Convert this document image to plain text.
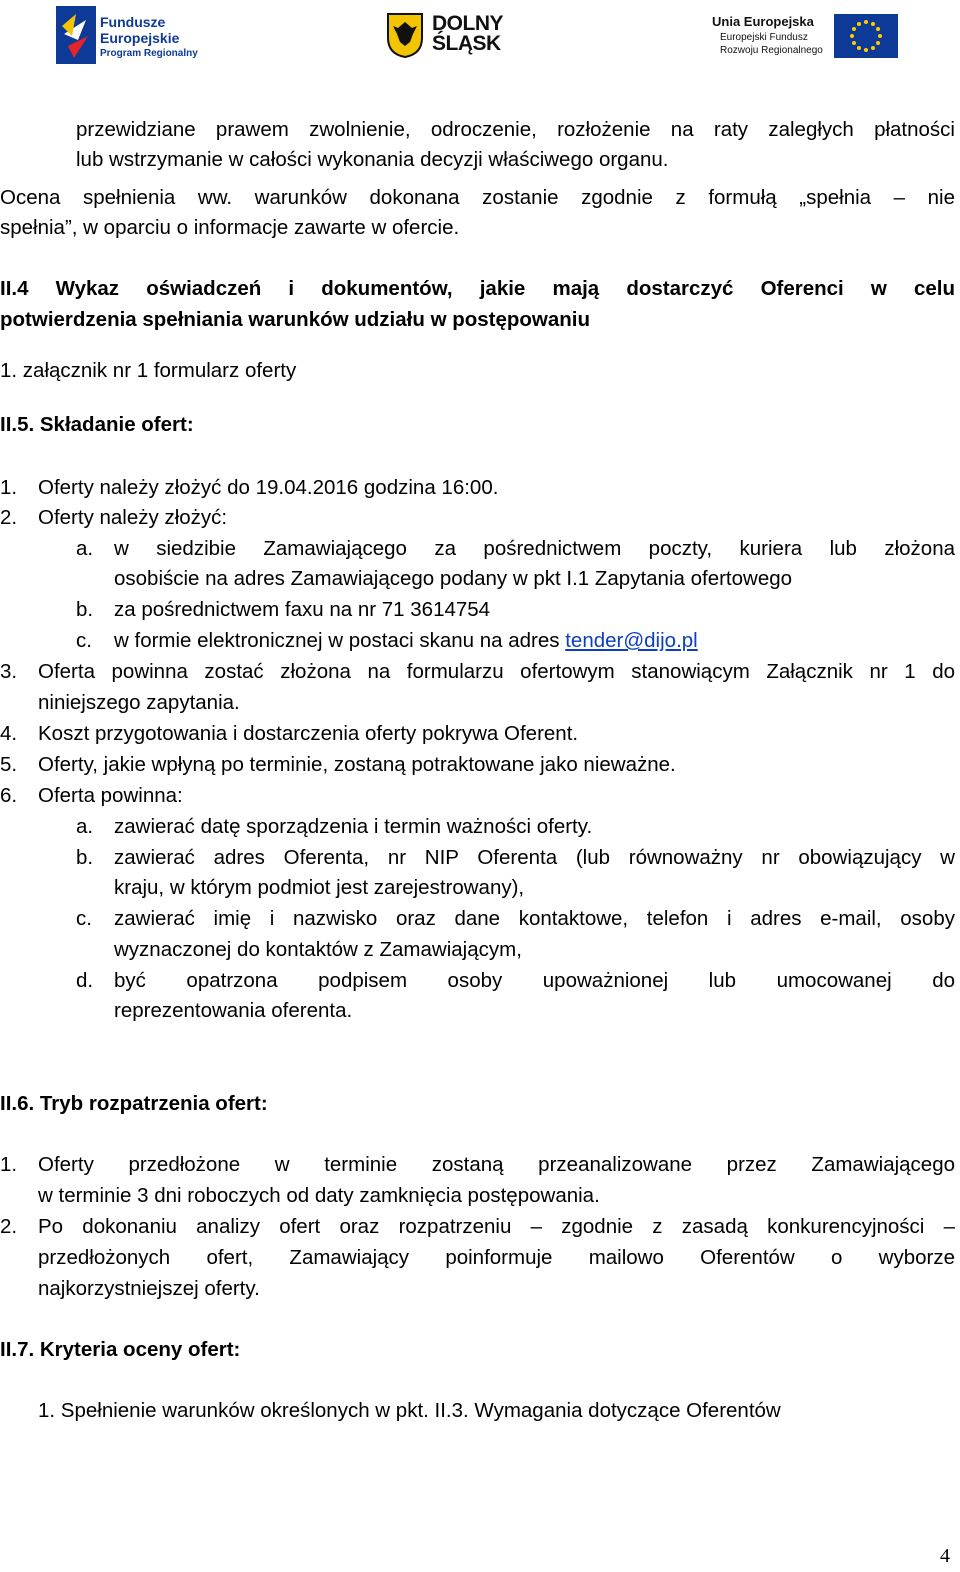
Fundusze
Europejskie
Program Regionalny
DOLNY
ŚLĄSK
Unia Europejska
Europejski Fundusz
Rozwoju Regionalnego
przewidziane prawem zwolnienie, odroczenie, rozłożenie na raty zaległych płatności
lub wstrzymanie w całości wykonania decyzji właściwego organu.
Ocena spełnienia ww. warunków dokonana zostanie zgodnie z formułą „spełnia – nie
spełnia”, w oparciu o informacje zawarte w ofercie.
II.4 Wykaz oświadczeń i dokumentów, jakie mają dostarczyć Oferenci w celu
potwierdzenia spełniania warunków udziału w postępowaniu
1. załącznik nr 1 formularz oferty
II.5. Składanie ofert:
1.	Oferty należy złożyć do 19.04.2016 godzina 16:00.
2.	Oferty należy złożyć:
a.	w siedzibie Zamawiającego za pośrednictwem poczty, kuriera lub złożona
osobiście na adres Zamawiającego podany w pkt I.1 Zapytania ofertowego
b.	za pośrednictwem faxu na nr 71 3614754
c.	w formie elektronicznej w postaci skanu na adres tender@dijo.pl
3.	Oferta powinna zostać złożona na formularzu ofertowym stanowiącym Załącznik nr 1 do
niniejszego zapytania.
4.	Koszt przygotowania i dostarczenia oferty pokrywa Oferent.
5.	Oferty, jakie wpłyną po terminie, zostaną potraktowane jako nieważne.
6.	Oferta powinna:
a.	zawierać datę sporządzenia i termin ważności oferty.
b.	zawierać adres Oferenta, nr NIP Oferenta (lub równoważny nr obowiązujący w
kraju, w którym podmiot jest zarejestrowany),
c.	zawierać imię i nazwisko oraz dane kontaktowe, telefon i adres e-mail, osoby
wyznaczonej do kontaktów z Zamawiającym,
d.	być opatrzona podpisem osoby upoważnionej lub umocowanej do
reprezentowania oferenta.
II.6. Tryb rozpatrzenia ofert:
1.	Oferty przedłożone w terminie zostaną przeanalizowane przez Zamawiającego
w terminie 3 dni roboczych od daty zamknięcia postępowania.
2.	Po dokonaniu analizy ofert oraz rozpatrzeniu – zgodnie z zasadą konkurencyjności –
przedłożonych ofert, Zamawiający poinformuje mailowo Oferentów o wyborze
najkorzystniejszej oferty.
II.7. Kryteria oceny ofert:
1. Spełnienie warunków określonych w pkt. II.3. Wymagania dotyczące Oferentów
4
